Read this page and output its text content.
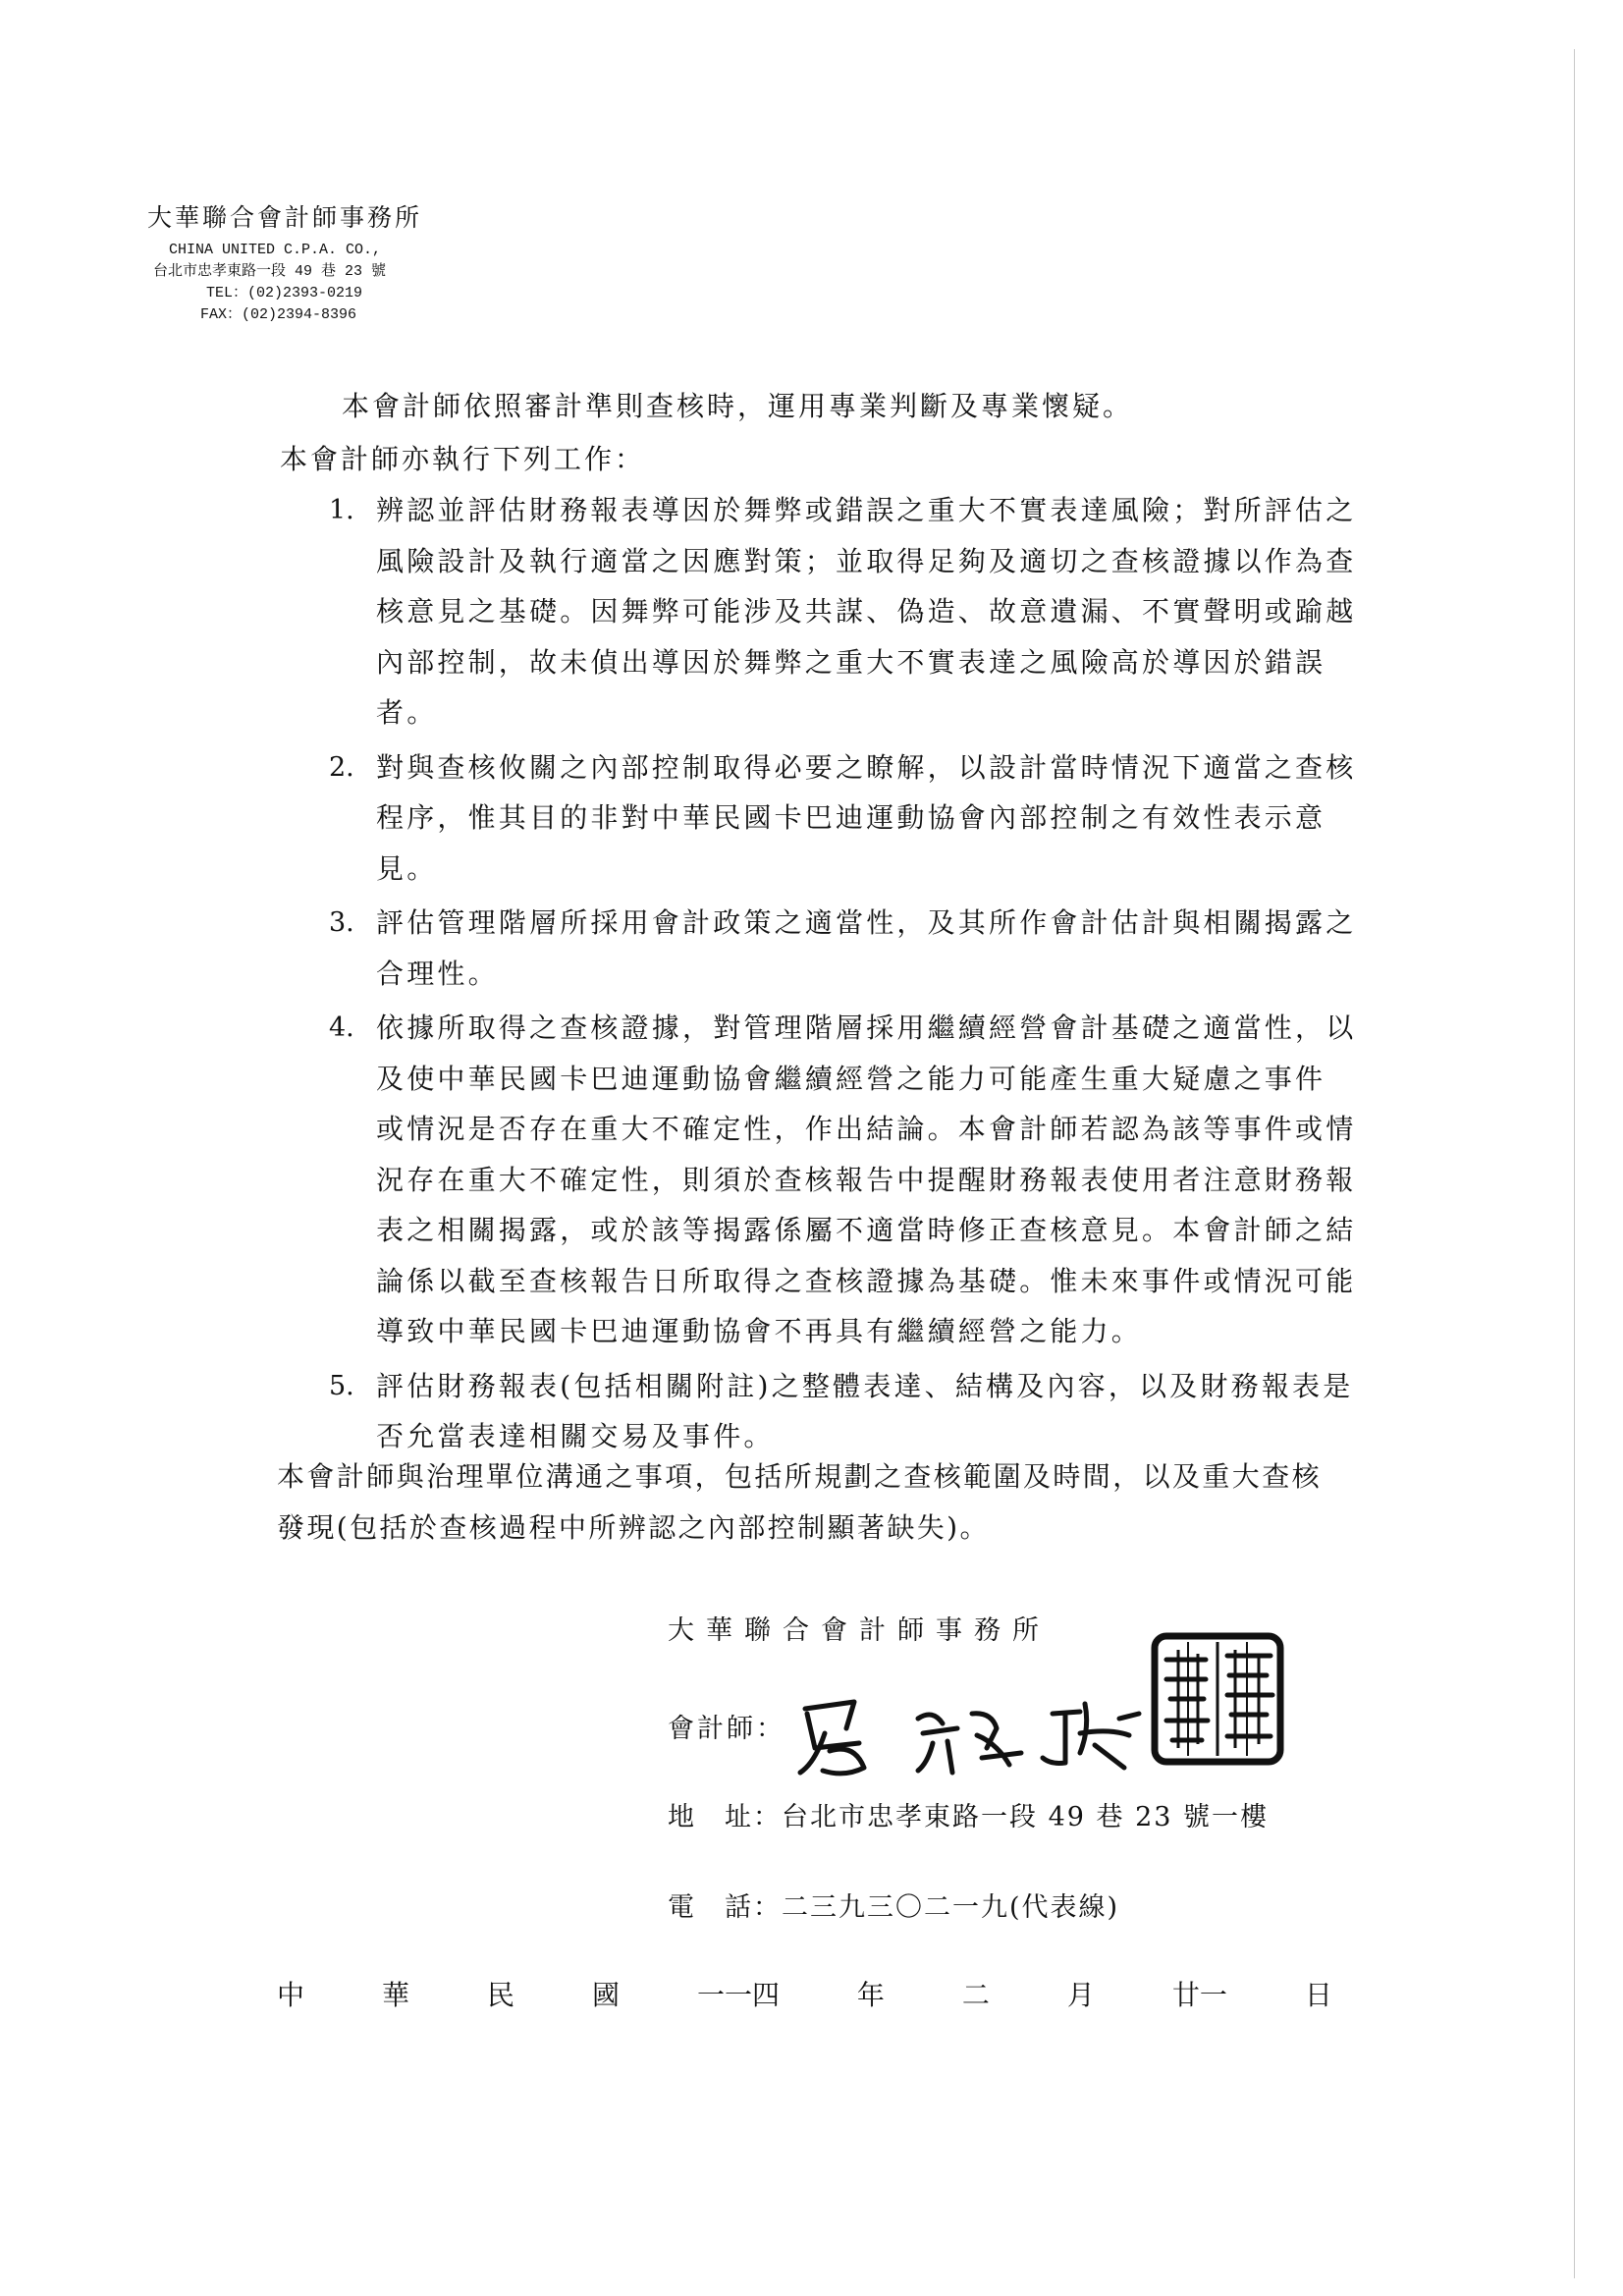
大華聯合會計師事務所
CHINA UNITED C.P.A. CO.,
台北市忠孝東路一段 49 巷 23 號
TEL：(02)2393-0219
FAX：(02)2394-8396
本會計師依照審計準則查核時，運用專業判斷及專業懷疑。
本會計師亦執行下列工作：
1. 辨認並評估財務報表導因於舞弊或錯誤之重大不實表達風險；對所評估之
風險設計及執行適當之因應對策；並取得足夠及適切之查核證據以作為查
核意見之基礎。因舞弊可能涉及共謀、偽造、故意遺漏、不實聲明或踰越
內部控制，故未偵出導因於舞弊之重大不實表達之風險高於導因於錯誤
者。
2. 對與查核攸關之內部控制取得必要之瞭解，以設計當時情況下適當之查核
程序，惟其目的非對中華民國卡巴迪運動協會內部控制之有效性表示意
見。
3. 評估管理階層所採用會計政策之適當性，及其所作會計估計與相關揭露之
合理性。
4. 依據所取得之查核證據，對管理階層採用繼續經營會計基礎之適當性，以
及使中華民國卡巴迪運動協會繼續經營之能力可能產生重大疑慮之事件
或情況是否存在重大不確定性，作出結論。本會計師若認為該等事件或情
況存在重大不確定性，則須於查核報告中提醒財務報表使用者注意財務報
表之相關揭露，或於該等揭露係屬不適當時修正查核意見。本會計師之結
論係以截至查核報告日所取得之查核證據為基礎。惟未來事件或情況可能
導致中華民國卡巴迪運動協會不再具有繼續經營之能力。
5. 評估財務報表(包括相關附註)之整體表達、結構及內容，以及財務報表是
否允當表達相關交易及事件。
本會計師與治理單位溝通之事項，包括所規劃之查核範圍及時間，以及重大查核
發現(包括於查核過程中所辨認之內部控制顯著缺失)。
大華聯合會計師事務所
會計師：
地　址：台北市忠孝東路一段 49 巷 23 號一樓
電　話：二三九三〇二一九(代表線)
中	華	民	國	一一四	年	二	月	廿一	日
